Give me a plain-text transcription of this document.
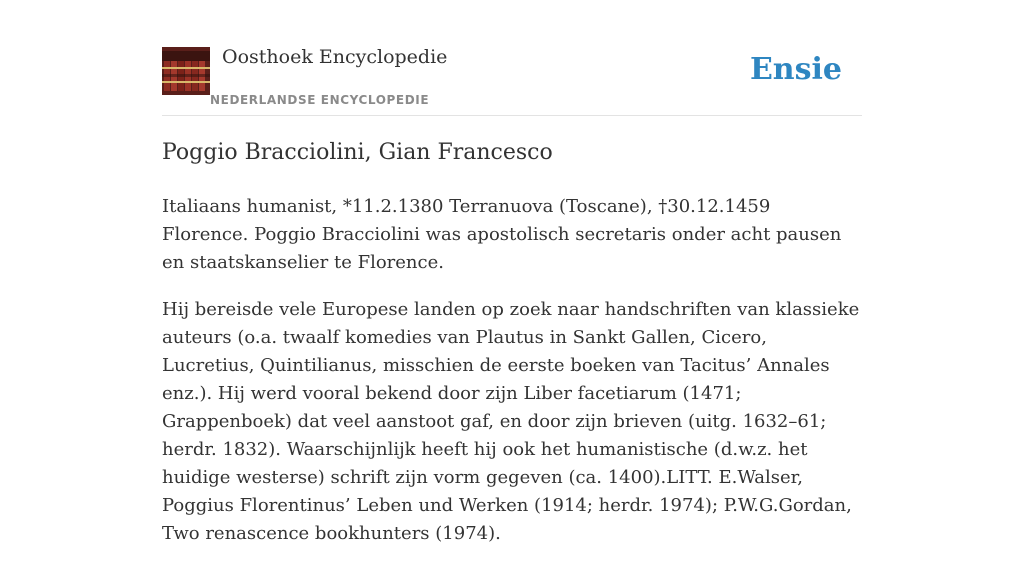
Oosthoek Encyclopedie
NEDERLANDSE ENCYCLOPEDIE
Ensie
Poggio Bracciolini, Gian Francesco

Italiaans humanist, *11.2.1380 Terranuova (Toscane), †30.12.1459 Florence. Poggio Bracciolini was apostolisch secretaris onder acht pausen en staatskanselier te Florence.

Hij bereisde vele Europese landen op zoek naar handschriften van klassieke auteurs (o.a. twaalf komedies van Plautus in Sankt Gallen, Cicero, Lucretius, Quintilianus, misschien de eerste boeken van Tacitus’ Annales enz.). Hij werd vooral bekend door zijn Liber facetiarum (1471; Grappenboek) dat veel aanstoot gaf, en door zijn brieven (uitg. 1632–61; herdr. 1832). Waarschijnlijk heeft hij ook het humanistische (d.w.z. het huidige westerse) schrift zijn vorm gegeven (ca. 1400).LITT. E.Walser, Poggius Florentinus’ Leben und Werken (1914; herdr. 1974); P.W.G.Gordan, Two renascence bookhunters (1974).
